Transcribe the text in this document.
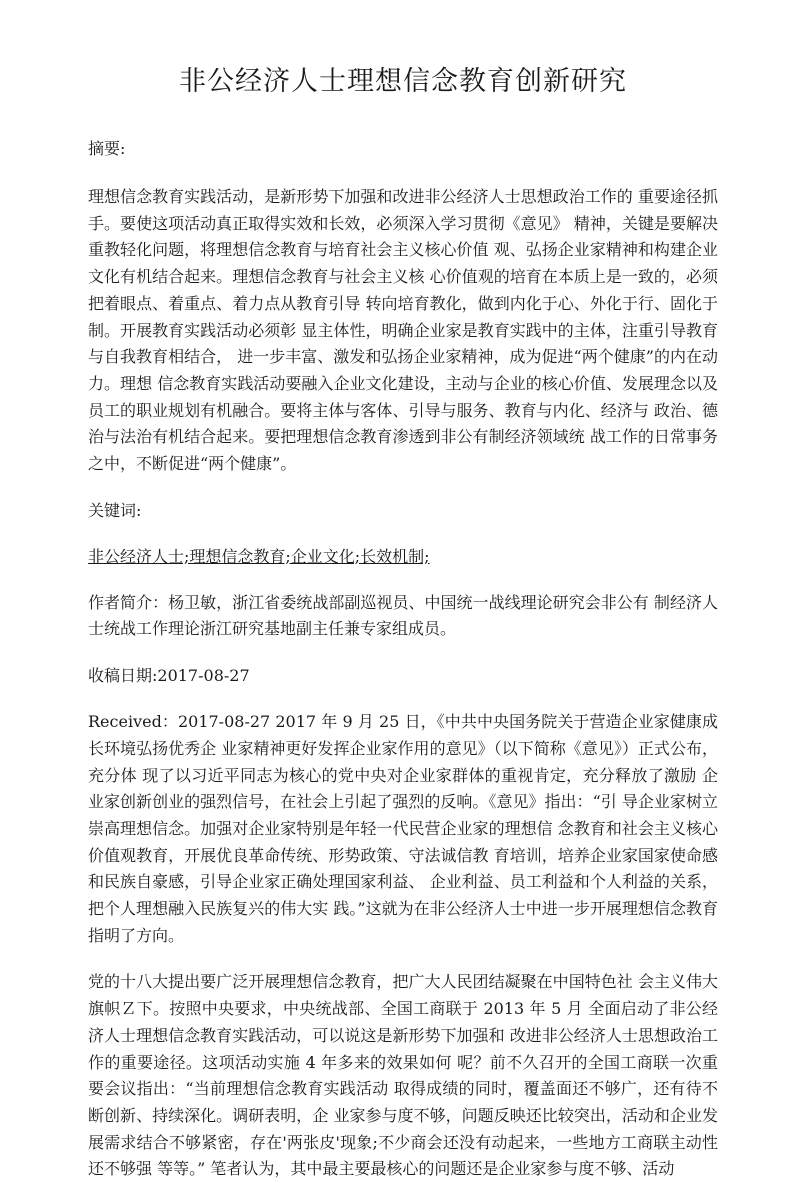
非公经济人士理想信念教育创新研究

摘要:

理想信念教育实践活动，是新形势下加强和改进非公经济人士思想政治工作的 重要途径抓手。要使这项活动真正取得实效和长效，必须深入学习贯彻《意见》 精神，关键是要解决重教轻化问题，将理想信念教育与培育社会主义核心价值 观、弘扬企业家精神和构建企业文化有机结合起来。理想信念教育与社会主义核 心价值观的培育在本质上是一致的，必须把着眼点、着重点、着力点从教育引导 转向培育教化，做到内化于心、外化于行、固化于制。开展教育实践活动必须彰 显主体性，明确企业家是教育实践中的主体，注重引导教育与自我教育相结合， 进一步丰富、激发和弘扬企业家精神，成为促进“两个健康”的内在动力。理想 信念教育实践活动要融入企业文化建设，主动与企业的核心价值、发展理念以及 员工的职业规划有机融合。要将主体与客体、引导与服务、教育与内化、经济与 政治、德治与法治有机结合起来。要把理想信念教育渗透到非公有制经济领域统 战工作的日常事务之中，不断促进“两个健康”。

关键词:

非公经济人士;理想信念教育;企业文化;长效机制;

作者简介：杨卫敏，浙江省委统战部副巡视员、中国统一战线理论研究会非公有 制经济人士统战工作理论浙江研究基地副主任兼专家组成员。

收稿日期:2017-08-27

Received：2017-08-27 2017 年 9 月 25 日，《中共中央国务院关于营造企业家健康成长环境弘扬优秀企 业家精神更好发挥企业家作用的意见》（以下简称《意见》）正式公布，充分体 现了以习近平同志为核心的党中央对企业家群体的重视肯定，充分释放了激励 企业家创新创业的强烈信号，在社会上引起了强烈的反响。《意见》指出：“引 导企业家树立崇高理想信念。加强对企业家特别是年轻一代民营企业家的理想信 念教育和社会主义核心价值观教育，开展优良革命传统、形势政策、守法诚信教 育培训，培养企业家国家使命感和民族自豪感，引导企业家正确处理国家利益、 企业利益、员工利益和个人利益的关系，把个人理想融入民族复兴的伟大实 践。”这就为在非公经济人士中进一步开展理想信念教育指明了方向。

党的十八大提出要广泛开展理想信念教育，把广大人民团结凝聚在中国特色社 会主义伟大旗帜Ｚ下。按照中央要求，中央统战部、全国工商联于 2013 年 5 月 全面启动了非公经济人士理想信念教育实践活动，可以说这是新形势下加强和 改进非公经济人士思想政治工作的重要途径。这项活动实施 4 年多来的效果如何 呢？前不久召开的全国工商联一次重要会议指出：“当前理想信念教育实践活动 取得成绩的同时，覆盖面还不够广，还有待不断创新、持续深化。调研表明，企 业家参与度不够，问题反映还比较突出，活动和企业发展需求结合不够紧密，存在'两张皮'现象;不少商会还没有动起来，一些地方工商联主动性还不够强 等等。” 笔者认为，其中最主要最核心的问题还是企业家参与度不够、活动
